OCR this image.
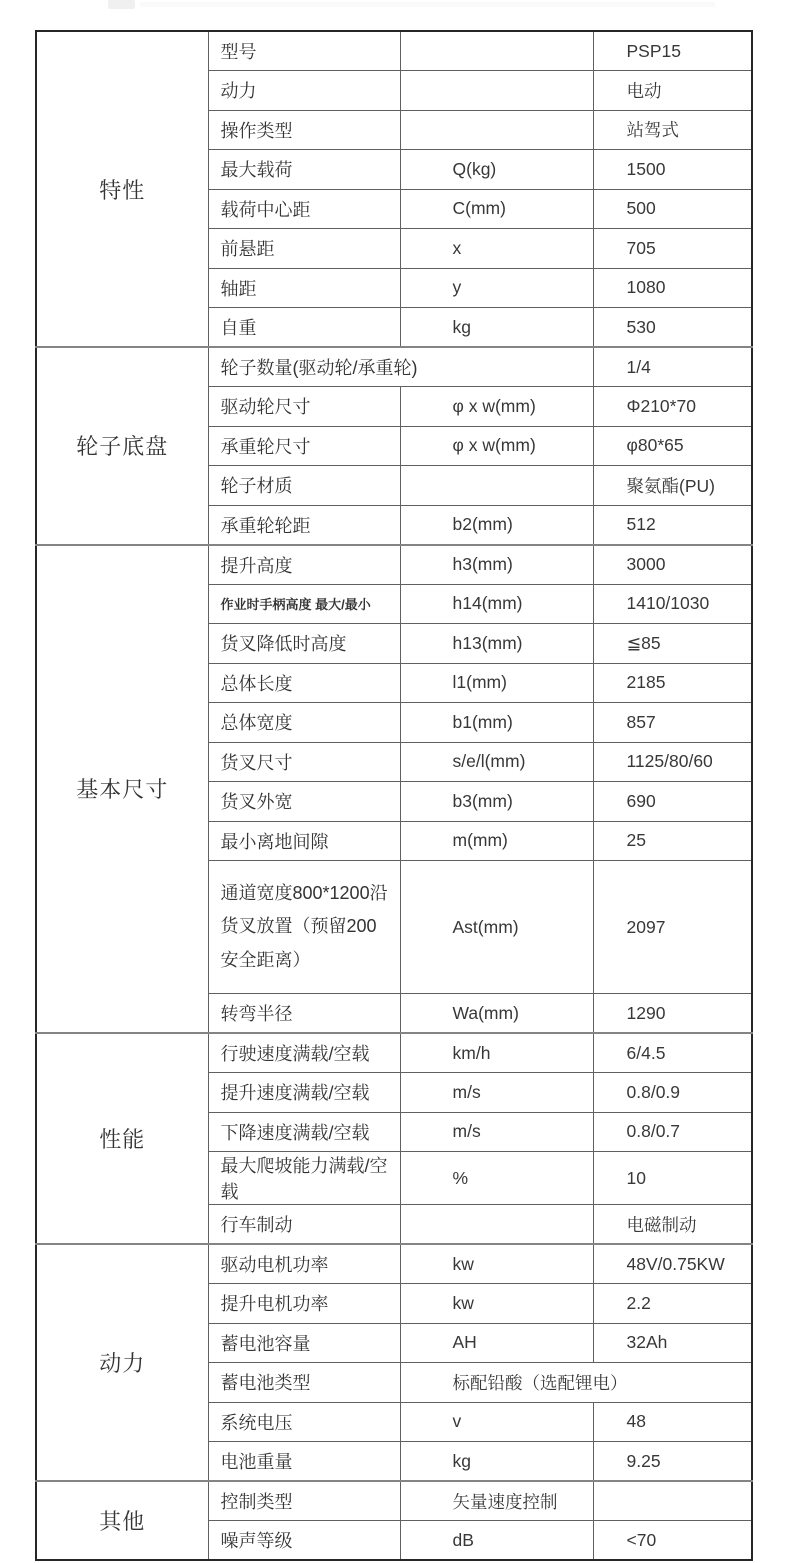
特性	型号		PSP15
	动力		电动
	操作类型		站驾式
	最大载荷	Q(kg)	1500
	载荷中心距	C(mm)	500
	前悬距	x	705
	轴距	y	1080
	自重	kg	530
轮子底盘	轮子数量(驱动轮/承重轮)		1/4
	驱动轮尺寸	φ x w(mm)	Φ210*70
	承重轮尺寸	φ x w(mm)	φ80*65
	轮子材质		聚氨酯(PU)
	承重轮轮距	b2(mm)	512
基本尺寸	提升高度	h3(mm)	3000
	作业时手柄高度 最大/最小	h14(mm)	1410/1030
	货叉降低时高度	h13(mm)	≦85
	总体长度	l1(mm)	2185
	总体宽度	b1(mm)	857
	货叉尺寸	s/e/l(mm)	1125/80/60
	货叉外宽	b3(mm)	690
	最小离地间隙	m(mm)	25
	通道宽度800*1200沿货叉放置（预留200安全距离）	Ast(mm)	2097
	转弯半径	Wa(mm)	1290
性能	行驶速度满载/空载	km/h	6/4.5
	提升速度满载/空载	m/s	0.8/0.9
	下降速度满载/空载	m/s	0.8/0.7
	最大爬坡能力满载/空载	%	10
	行车制动		电磁制动
动力	驱动电机功率	kw	48V/0.75KW
	提升电机功率	kw	2.2
	蓄电池容量	AH	32Ah
	蓄电池类型	标配铅酸（选配锂电）	
	系统电压	v	48
	电池重量	kg	9.25
其他	控制类型	矢量速度控制	
	噪声等级	dB	<70
